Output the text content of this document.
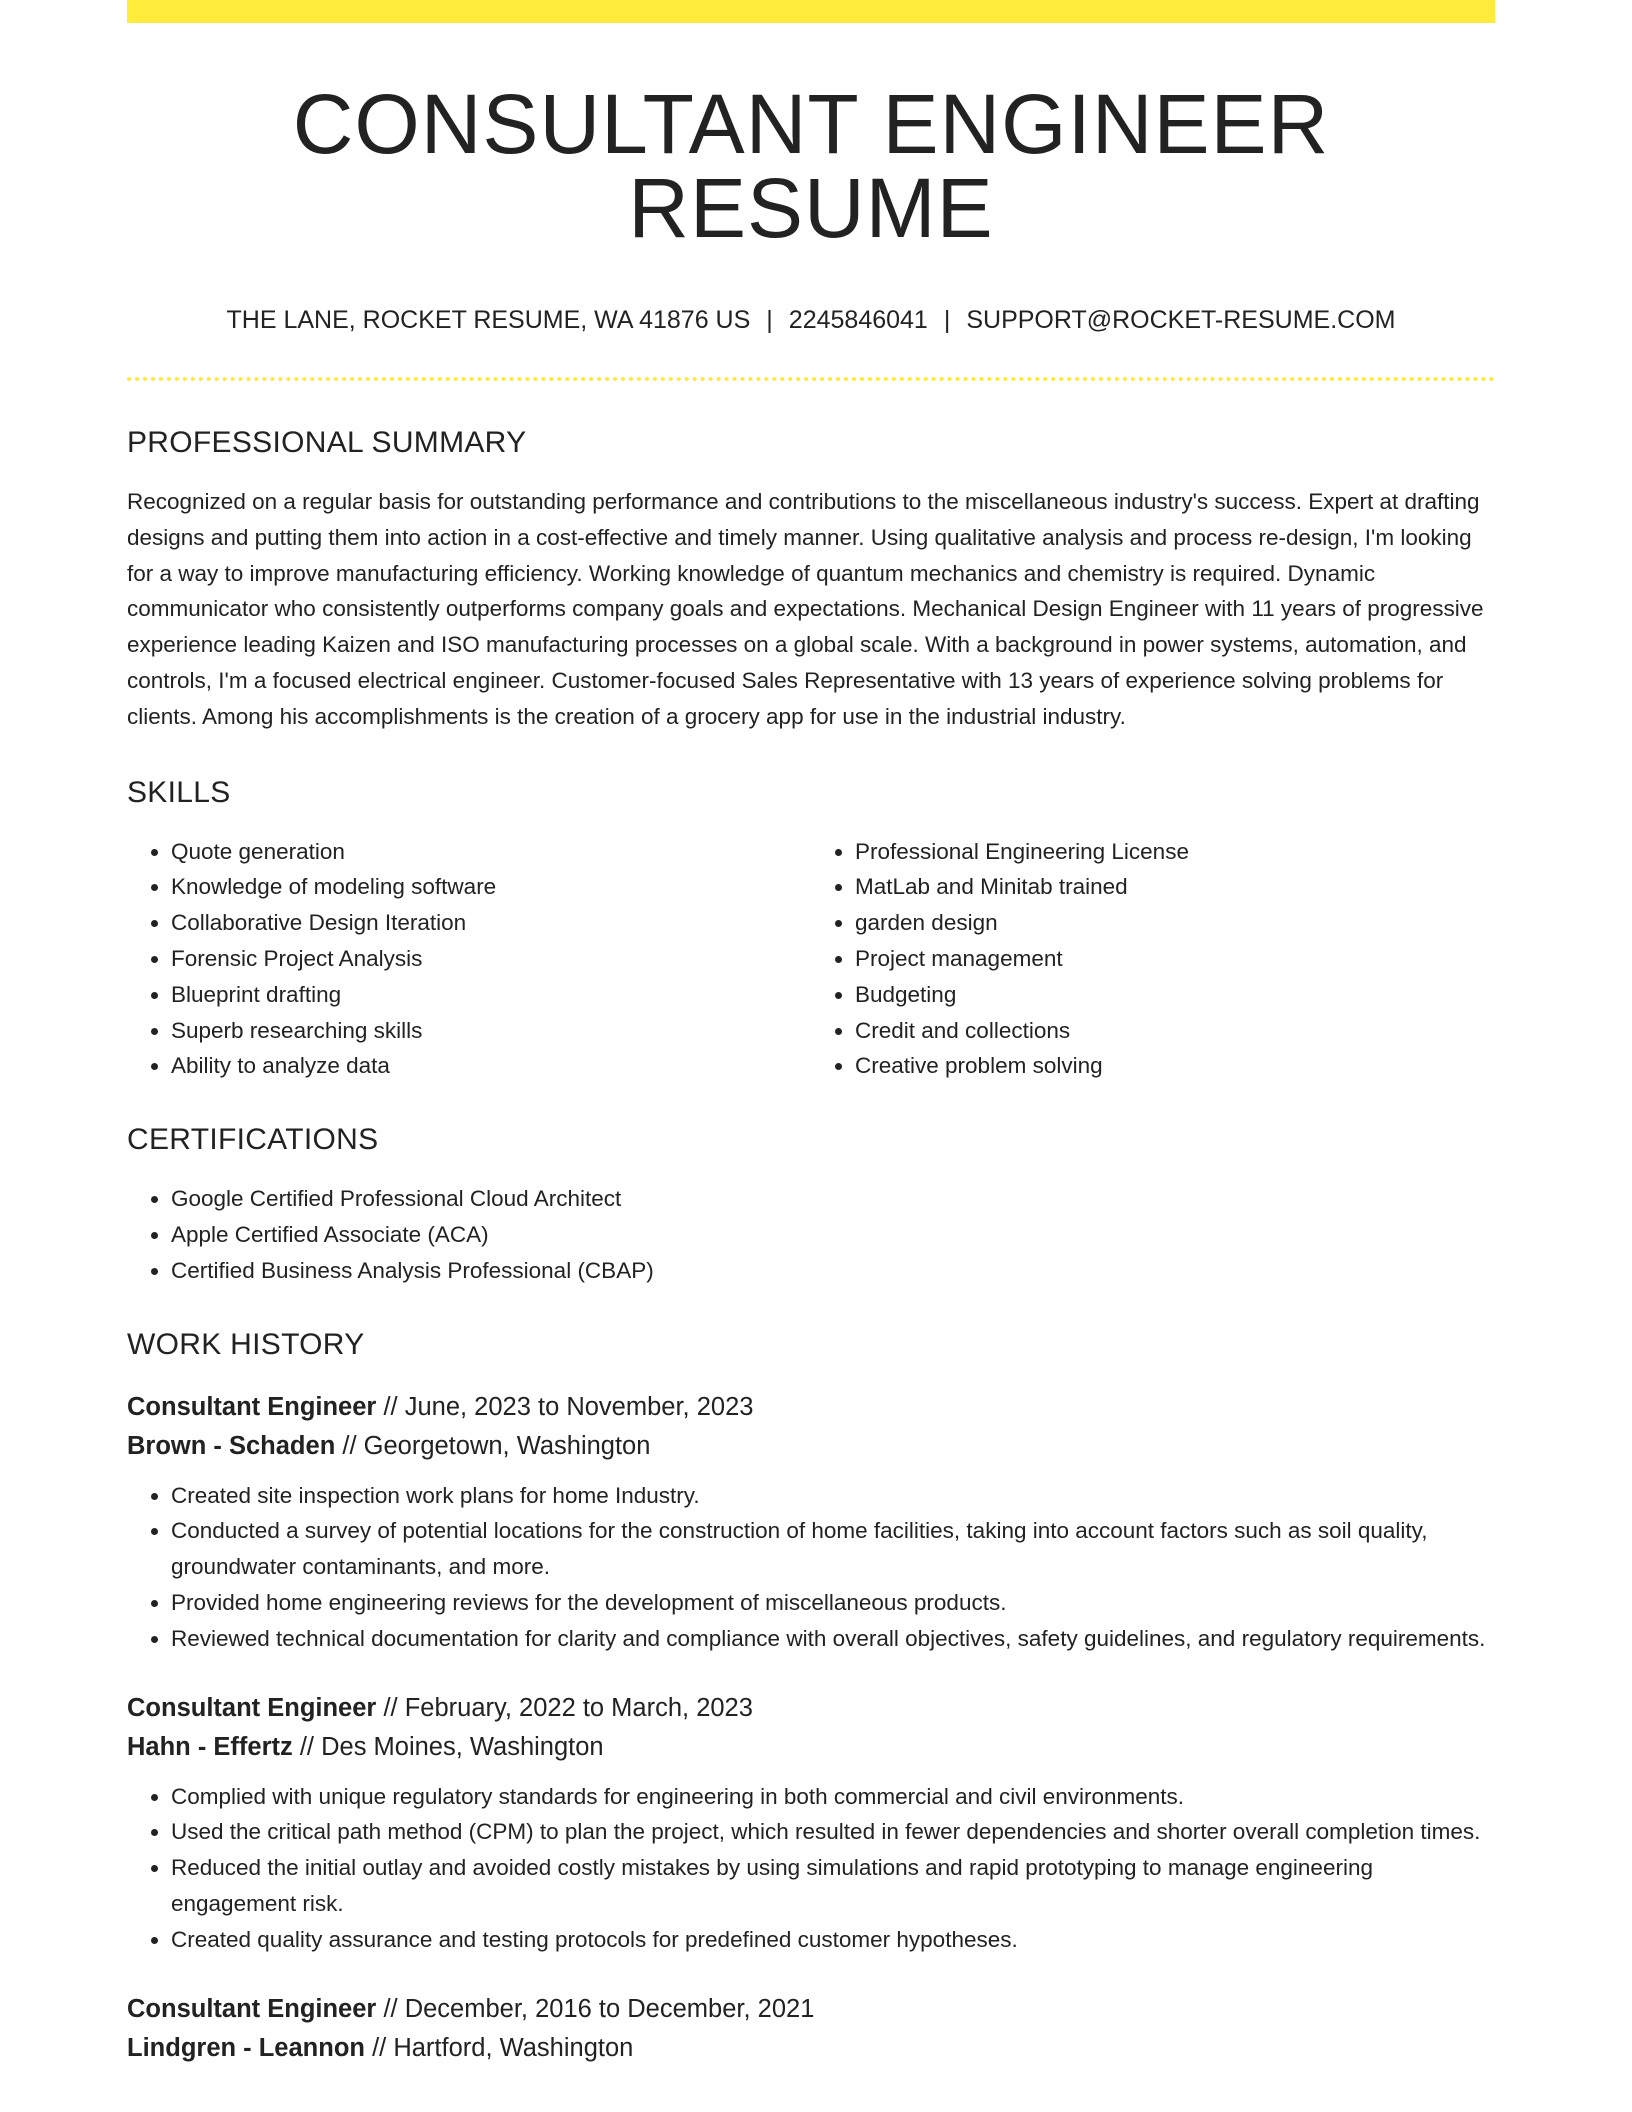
CONSULTANT ENGINEER RESUME
THE LANE, ROCKET RESUME, WA 41876 US | 2245846041 | SUPPORT@ROCKET-RESUME.COM
PROFESSIONAL SUMMARY

Recognized on a regular basis for outstanding performance and contributions to the miscellaneous industry's success. Expert at drafting designs and putting them into action in a cost-effective and timely manner. Using qualitative analysis and process re-design, I'm looking for a way to improve manufacturing efficiency. Working knowledge of quantum mechanics and chemistry is required. Dynamic communicator who consistently outperforms company goals and expectations. Mechanical Design Engineer with 11 years of progressive experience leading Kaizen and ISO manufacturing processes on a global scale. With a background in power systems, automation, and controls, I'm a focused electrical engineer. Customer-focused Sales Representative with 13 years of experience solving problems for clients. Among his accomplishments is the creation of a grocery app for use in the industrial industry.

SKILLS
• Quote generation
• Knowledge of modeling software
• Collaborative Design Iteration
• Forensic Project Analysis
• Blueprint drafting
• Superb researching skills
• Ability to analyze data
• Professional Engineering License
• MatLab and Minitab trained
• garden design
• Project management
• Budgeting
• Credit and collections
• Creative problem solving
CERTIFICATIONS
• Google Certified Professional Cloud Architect
• Apple Certified Associate (ACA)
• Certified Business Analysis Professional (CBAP)
WORK HISTORY
Consultant Engineer // June, 2023 to November, 2023
Brown - Schaden // Georgetown, Washington
• Created site inspection work plans for home Industry.
• Conducted a survey of potential locations for the construction of home facilities, taking into account factors such as soil quality, groundwater contaminants, and more.
• Provided home engineering reviews for the development of miscellaneous products.
• Reviewed technical documentation for clarity and compliance with overall objectives, safety guidelines, and regulatory requirements.
Consultant Engineer // February, 2022 to March, 2023
Hahn - Effertz // Des Moines, Washington
• Complied with unique regulatory standards for engineering in both commercial and civil environments.
• Used the critical path method (CPM) to plan the project, which resulted in fewer dependencies and shorter overall completion times.
• Reduced the initial outlay and avoided costly mistakes by using simulations and rapid prototyping to manage engineering engagement risk.
• Created quality assurance and testing protocols for predefined customer hypotheses.
Consultant Engineer // December, 2016 to December, 2021
Lindgren - Leannon // Hartford, Washington
